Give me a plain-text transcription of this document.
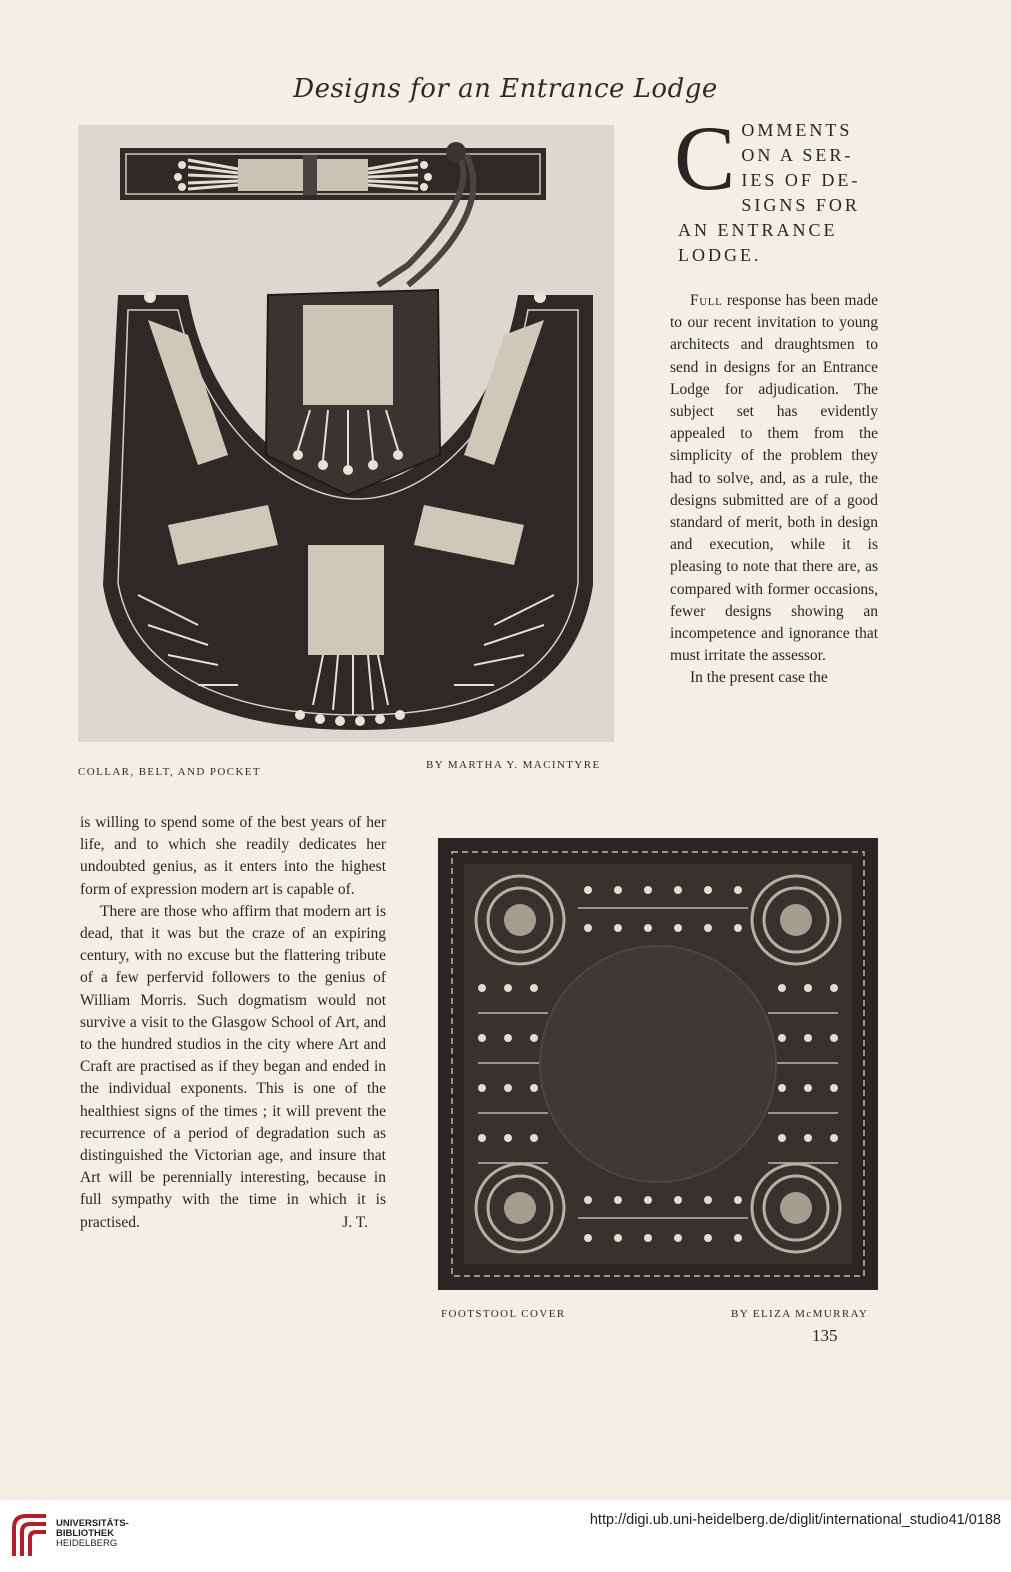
Designs for an Entrance Lodge
COLLAR, BELT, AND POCKET
BY MARTHA Y. MACINTYRE
C OMMENTS ON A SER-IES OF DE-SIGNS FOR AN ENTRANCE LODGE.

Full response has been made to our recent invitation to young architects and draughtsmen to send in designs for an Entrance Lodge for adjudication. The subject set has evidently appealed to them from the simplicity of the problem they had to solve, and, as a rule, the designs submitted are of a good standard of merit, both in design and execution, while it is pleasing to note that there are, as compared with former occasions, fewer designs showing an incompetence and ignorance that must irritate the assessor.

In the present case the

is willing to spend some of the best years of her life, and to which she readily dedicates her undoubted genius, as it enters into the highest form of expression modern art is capable of.

There are those who affirm that modern art is dead, that it was but the craze of an expiring century, with no excuse but the flattering tribute of a few perfervid followers to the genius of William Morris. Such dogmatism would not survive a visit to the Glasgow School of Art, and to the hundred studios in the city where Art and Craft are practised as if they began and ended in the individual exponents. This is one of the healthiest signs of the times ; it will prevent the recurrence of a period of degradation such as distinguished the Victorian age, and insure that Art will be perennially interesting, because in full sympathy with the time in which it is practised.	J. T.

FOOTSTOOL COVER	BY ELIZA McMURRAY
135
UNIVERSITÄTS-
BIBLIOTHEK
HEIDELBERG
http://digi.ub.uni-heidelberg.de/diglit/international_studio41/0188
